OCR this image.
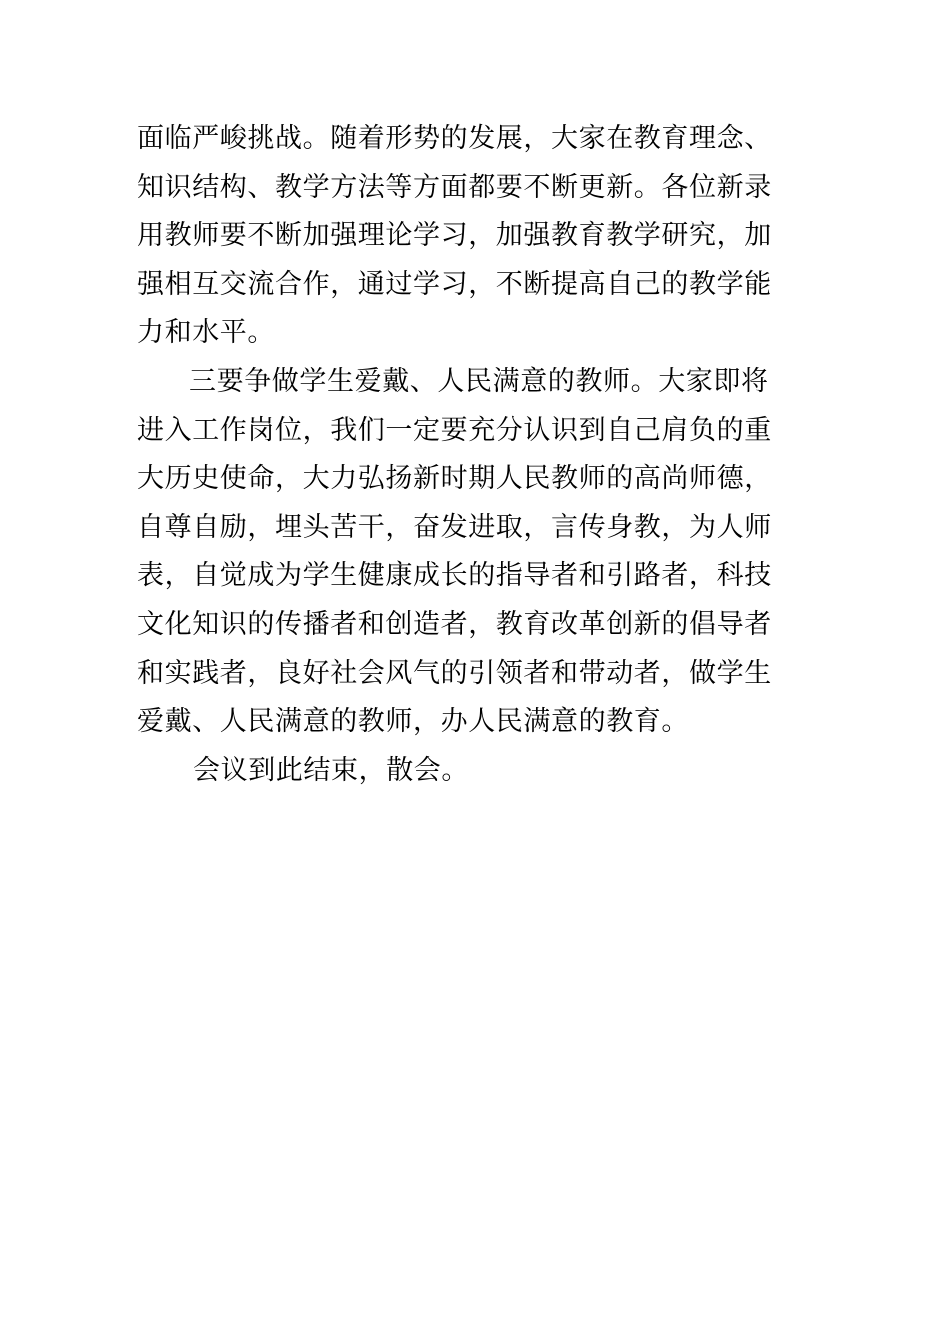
面临严峻挑战。随着形势的发展，大家在教育理念、
知识结构、教学方法等方面都要不断更新。各位新录
用教师要不断加强理论学习，加强教育教学研究，加
强相互交流合作，通过学习，不断提高自己的教学能
力和水平。
三要争做学生爱戴、人民满意的教师。大家即将
进入工作岗位，我们一定要充分认识到自己肩负的重
大历史使命，大力弘扬新时期人民教师的高尚师德，
自尊自励，埋头苦干，奋发进取，言传身教，为人师
表，自觉成为学生健康成长的指导者和引路者，科技
文化知识的传播者和创造者，教育改革创新的倡导者
和实践者，良好社会风气的引领者和带动者，做学生
爱戴、人民满意的教师，办人民满意的教育。
会议到此结束，散会。
